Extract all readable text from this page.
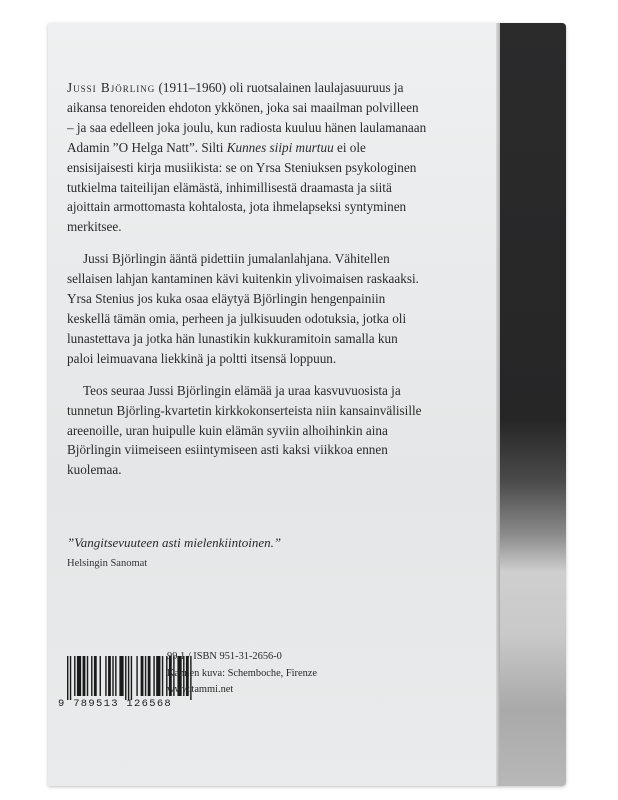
Jussi Björling (1911–1960) oli ruotsalainen laulajasuuruus ja aikansa tenoreiden ehdoton ykkönen, joka sai maailman polvilleen – ja saa edelleen joka joulu, kun radiosta kuuluu hänen laulamanaan Adamin ”O Helga Natt”. Silti Kunnes siipi murtuu ei ole ensisijaisesti kirja musiikista: se on Yrsa Steniuksen psykologinen tutkielma taiteilijan elämästä, inhimillisestä draamasta ja siitä ajoittain armottomasta kohtalosta, jota ihmelapseksi syntyminen merkitsee.

Jussi Björlingin ääntä pidettiin jumalanlahjana. Vähitellen sellaisen lahjan kantaminen kävi kuitenkin ylivoimaisen raskaaksi. Yrsa Stenius jos kuka osaa eläytyä Björlingin hengenpainiin keskellä tämän omia, perheen ja julkisuuden odotuksia, jotka oli lunastettava ja jotka hän lunastikin kukkuramitoin samalla kun paloi leimuavana liekkinä ja poltti itsensä loppuun.

Teos seuraa Jussi Björlingin elämää ja uraa kasvuvuosista ja tunnetun Björling-kvartetin kirkkokonserteista niin kansainvälisille areenoille, uran huipulle kuin elämän syviin alhoihinkin aina Björlingin viimeiseen esiintymiseen asti kaksi viikkoa ennen kuolemaa.

”Vangitsevuuteen asti mielenkiintoinen.”
Helsingin Sanomat
9 789513 126568
99.1 / ISBN 951-31-2656-0
Kannen kuva: Schemboche, Firenze
www.tammi.net
